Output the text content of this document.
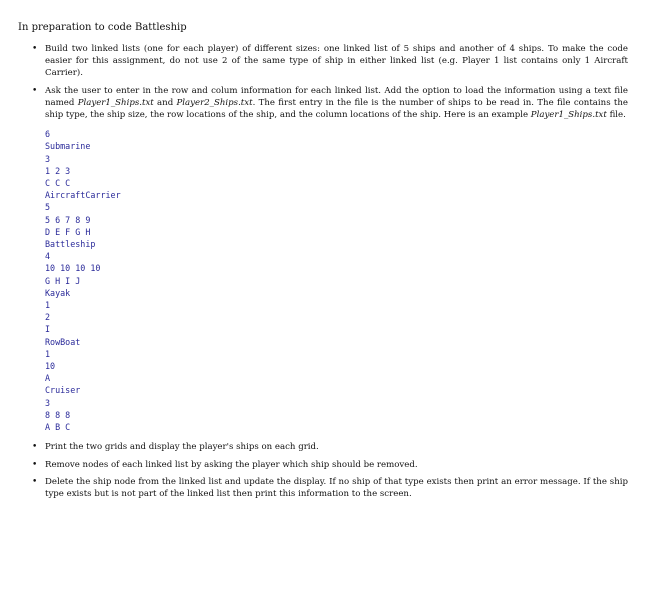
In preparation to code Battleship

• Build two linked lists (one for each player) of different sizes: one linked list of 5 ships and another of 4 ships. To make the code easier for this assignment, do not use 2 of the same type of ship in either linked list (e.g. Player 1 list contains only 1 Aircraft Carrier).
• Ask the user to enter in the row and colum information for each linked list. Add the option to load the information using a text file named Player1_Ships.txt and Player2_Ships.txt. The first entry in the file is the number of ships to be read in. The file contains the ship type, the ship size, the row locations of the ship, and the column locations of the ship. Here is an example Player1_Ships.txt file.
6
Submarine
3
1 2 3
C C C
AircraftCarrier
5
5 6 7 8 9
D E F G H
Battleship
4
10 10 10 10
G H I J
Kayak
1
2
I
RowBoat
1
10
A
Cruiser
3
8 8 8
A B C
• Print the two grids and display the player's ships on each grid.
• Remove nodes of each linked list by asking the player which ship should be removed.
• Delete the ship node from the linked list and update the display. If no ship of that type exists then print an error message. If the ship type exists but is not part of the linked list then print this information to the screen.
